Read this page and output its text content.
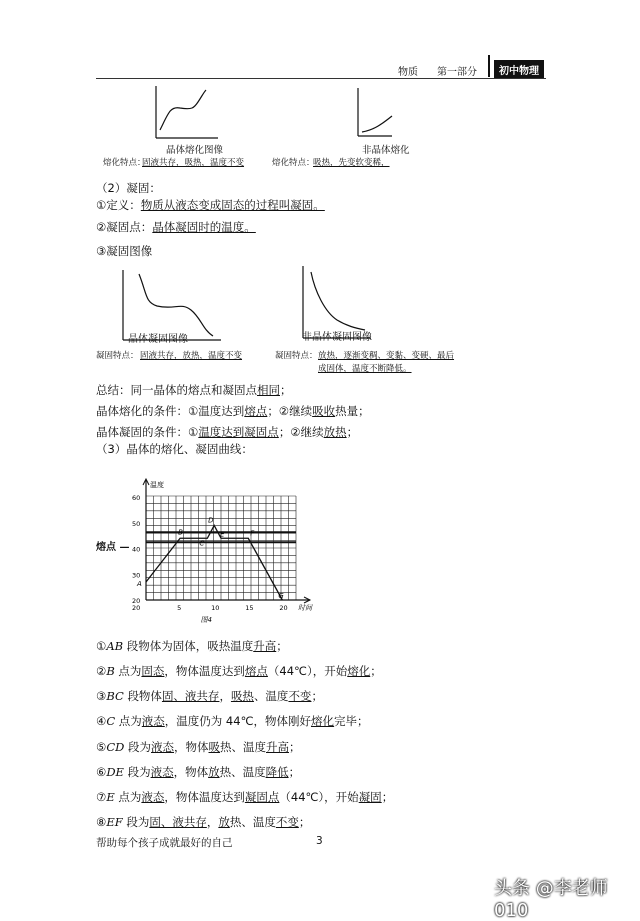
物质 第一部分	初中物理
晶体熔化图像
熔化特点：
固液共存，吸热，温度不变
非晶体熔化
熔化特点：
吸热，先变软变稀，
（2）凝固：
①定义：物质从液态变成固态的过程叫凝固。
②凝固点：晶体凝固时的温度。
③凝固图像
晶体凝固图像
凝固特点： 固液共存，放热，温度不变
非晶体凝固图像
凝固特点： 放热，逐渐变稠、变黏、变硬、最后
成固体，温度不断降低。
总结：同一晶体的熔点和凝固点相同；
晶体熔化的条件：①温度达到熔点；②继续吸收热量；
晶体凝固的条件：①温度达到凝固点；②继续放热；
（3）晶体的熔化、凝固曲线：
熔点 —
温度
时间
20
30
40
50
60
5	10	15	20
20
A
B
C
D
E	F
G
图4
①AB 段物体为固体，吸热温度升高；
②B 点为固态，物体温度达到熔点（44℃），开始熔化；
③BC 段物体固、液共存，吸热、温度不变；
④C 点为液态，温度仍为 44℃，物体刚好熔化完毕；
⑤CD 段为液态，物体吸热、温度升高；
⑥DE 段为液态，物体放热、温度降低；
⑦E 点为液态，物体温度达到凝固点（44℃），开始凝固；
⑧EF 段为固、液共存，放热、温度不变；
帮助每个孩子成就最好的自己	3
头条 @李老师010
